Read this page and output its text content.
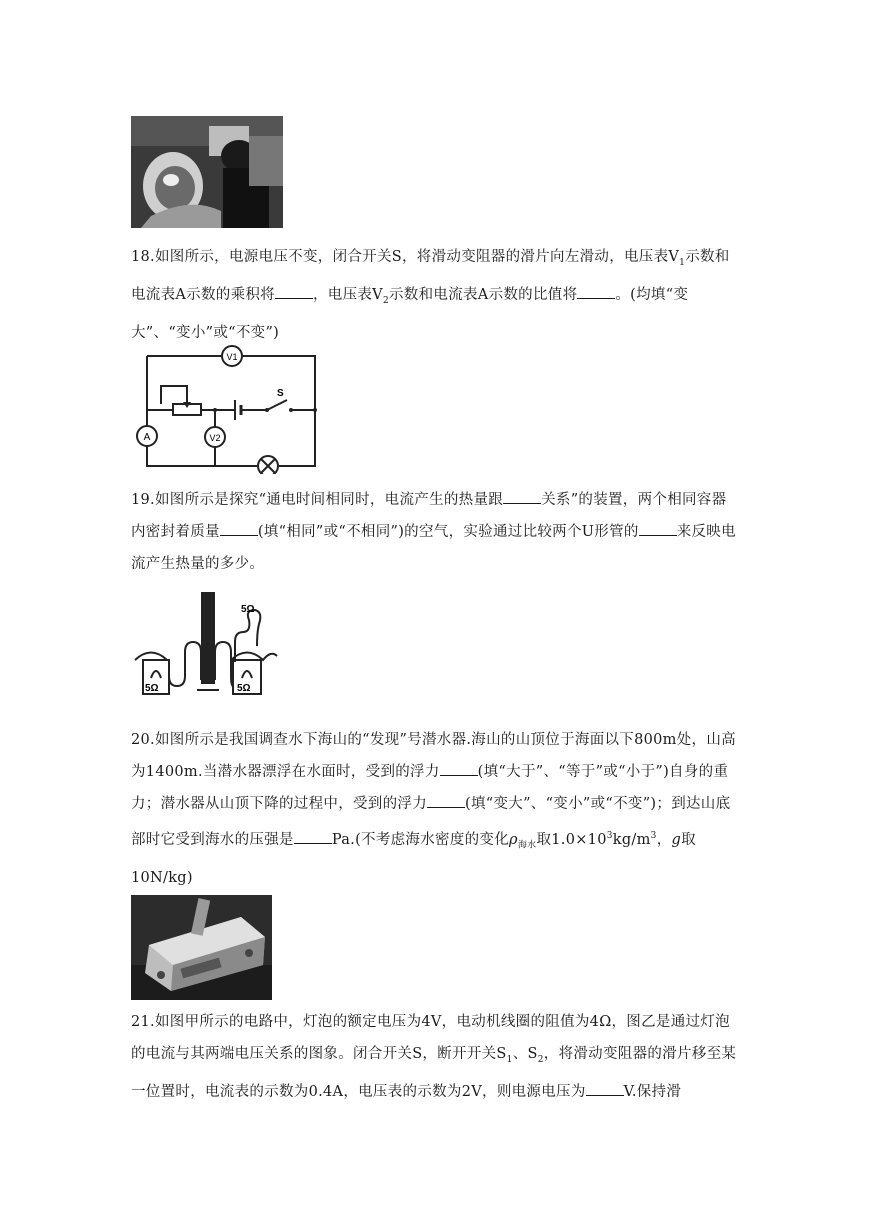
18.如图所示，电源电压不变，闭合开关S，将滑动变阻器的滑片向左滑动，电压表$V_1$示数和电流表A示数的乘积将	，电压表$V_2$示数和电流表A示数的比值将	。(均填“变大”、“变小”或“不变”)
V1
V2
A
S
19.如图所示是探究“通电时间相同时，电流产生的热量跟	关系”的装置，两个相同容器内密封着质量	(填“相同”或“不相同”)的空气，实验通过比较两个U形管的	来反映电流产生热量的多少。
5Ω	5Ω
5Ω
20.如图所示是我国调查水下海山的“发现”号潜水器.海山的山顶位于海面以下800m处，山高为1400m.当潜水器漂浮在水面时，受到的浮力	(填“大于”、“等于”或“小于”)自身的重力；潜水器从山顶下降的过程中，受到的浮力	(填“变大”、“变小”或“不变”)；到达山底部时它受到海水的压强是	Pa.(不考虑海水密度的变化$\rho_{海水}$取$1.0\times 10^3kg/m^3$，g取10N/kg)
21.如图甲所示的电路中，灯泡的额定电压为4V，电动机线圈的阻值为4Ω，图乙是通过灯泡的电流与其两端电压关系的图象。闭合开关S，断开开关$S_1$、$S_2$，将滑动变阻器的滑片移至某一位置时，电流表的示数为0.4A，电压表的示数为2V，则电源电压为	V.保持滑
